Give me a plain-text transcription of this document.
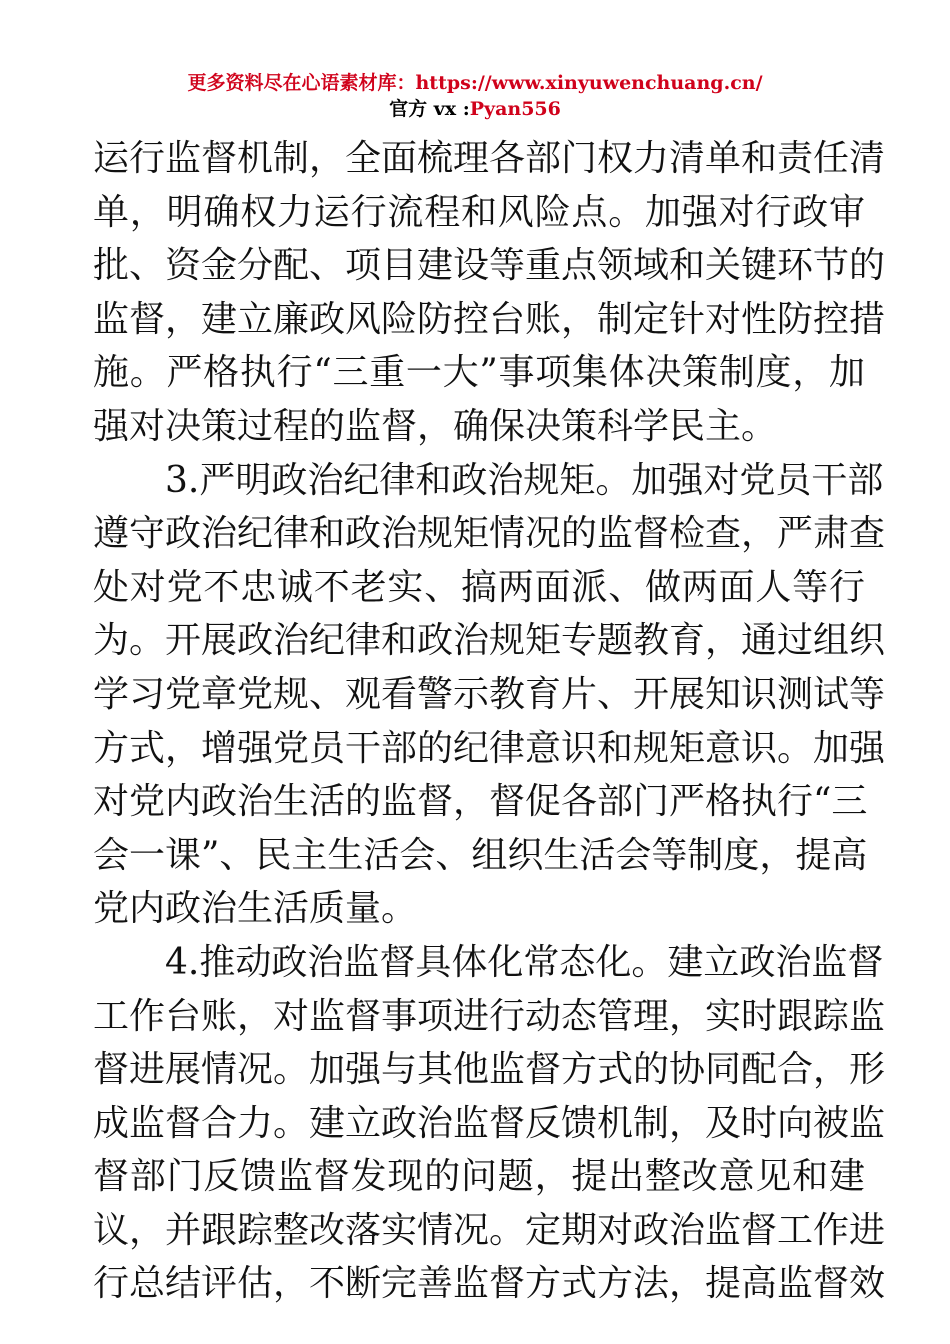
更多资料尽在心语素材库：https://www.xinyuwenchuang.cn/
官方 vx :Pyan556
运行监督机制，全面梳理各部门权力清单和责任清
单，明确权力运行流程和风险点。加强对行政审
批、资金分配、项目建设等重点领域和关键环节的
监督，建立廉政风险防控台账，制定针对性防控措
施。严格执行“三重一大”事项集体决策制度，加
强对决策过程的监督，确保决策科学民主。
3.严明政治纪律和政治规矩。加强对党员干部
遵守政治纪律和政治规矩情况的监督检查，严肃查
处对党不忠诚不老实、搞两面派、做两面人等行
为。开展政治纪律和政治规矩专题教育，通过组织
学习党章党规、观看警示教育片、开展知识测试等
方式，增强党员干部的纪律意识和规矩意识。加强
对党内政治生活的监督，督促各部门严格执行“三
会一课”、民主生活会、组织生活会等制度，提高
党内政治生活质量。
4.推动政治监督具体化常态化。建立政治监督
工作台账，对监督事项进行动态管理，实时跟踪监
督进展情况。加强与其他监督方式的协同配合，形
成监督合力。建立政治监督反馈机制，及时向被监
督部门反馈监督发现的问题，提出整改意见和建
议，并跟踪整改落实情况。定期对政治监督工作进
行总结评估，不断完善监督方式方法，提高监督效
